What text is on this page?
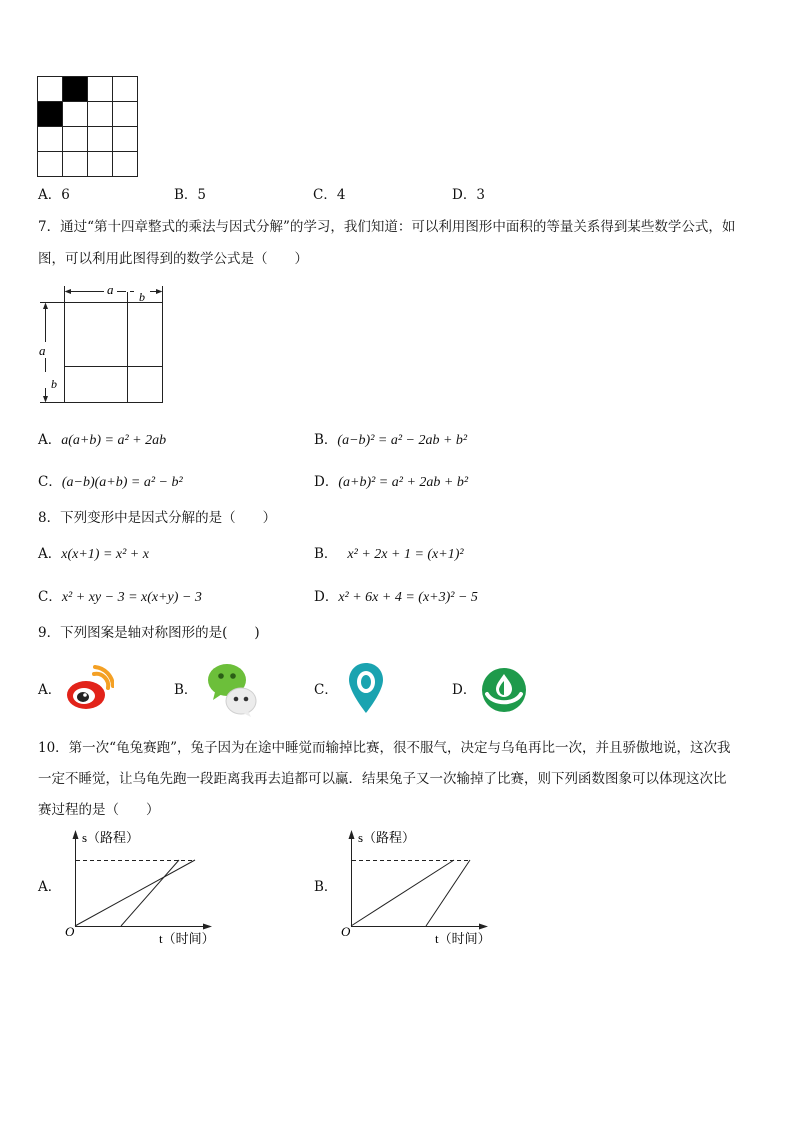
A．6	B．5	C．4	D．3
7．通过“第十四章整式的乘法与因式分解”的学习，我们知道：可以利用图形中面积的等量关系得到某些数学公式，如
图，可以利用此图得到的数学公式是（　　）
a b
a
b
A．a(a+b) = a² + 2ab	B．(a−b)² = a² − 2ab + b²
C．(a−b)(a+b) = a² − b²	D．(a+b)² = a² + 2ab + b²
8．下列变形中是因式分解的是（　　）
A．x(x+1) = x² + x	B． x² + 2x + 1 = (x+1)²
C．x² + xy − 3 = x(x+y) − 3	D．x² + 6x + 4 = (x+3)² − 5
9．下列图案是轴对称图形的是(　　)
A．	B．	C．	D．
10．第一次“龟兔赛跑”，兔子因为在途中睡觉而输掉比赛，很不服气，决定与乌龟再比一次，并且骄傲地说，这次我
一定不睡觉，让乌龟先跑一段距离我再去追都可以赢．结果兔子又一次输掉了比赛，则下列函数图象可以体现这次比
赛过程的是（　　）
A．
s（路程）
t（时间）
O
B．
s（路程）
t（时间）
O
